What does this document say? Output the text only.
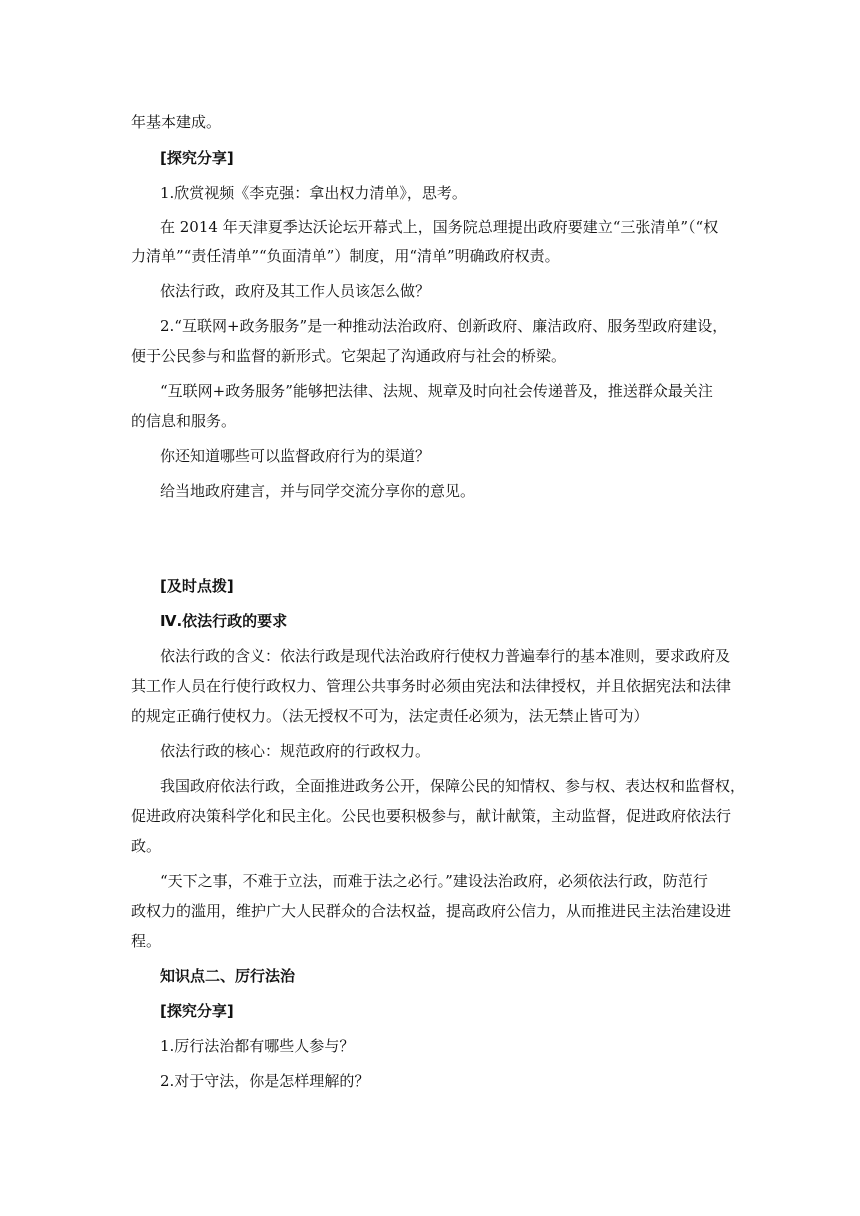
年基本建成。
[探究分享]
1.欣赏视频《李克强：拿出权力清单》，思考。
在 2014 年天津夏季达沃论坛开幕式上，国务院总理提出政府要建立“三张清单”（“权
力清单”“责任清单”“负面清单”）制度，用“清单”明确政府权责。
依法行政，政府及其工作人员该怎么做？
2.“互联网+政务服务”是一种推动法治政府、创新政府、廉洁政府、服务型政府建设，
便于公民参与和监督的新形式。它架起了沟通政府与社会的桥梁。
“互联网+政务服务”能够把法律、法规、规章及时向社会传递普及，推送群众最关注
的信息和服务。
你还知道哪些可以监督政府行为的渠道？
给当地政府建言，并与同学交流分享你的意见。
[及时点拨]
Ⅳ.依法行政的要求
依法行政的含义：依法行政是现代法治政府行使权力普遍奉行的基本准则，要求政府及
其工作人员在行使行政权力、管理公共事务时必须由宪法和法律授权，并且依据宪法和法律
的规定正确行使权力。（法无授权不可为，法定责任必须为，法无禁止皆可为）
依法行政的核心：规范政府的行政权力。
我国政府依法行政，全面推进政务公开，保障公民的知情权、参与权、表达权和监督权，
促进政府决策科学化和民主化。公民也要积极参与，献计献策，主动监督，促进政府依法行
政。
“天下之事，不难于立法，而难于法之必行。”建设法治政府，必须依法行政，防范行
政权力的滥用，维护广大人民群众的合法权益，提高政府公信力，从而推进民主法治建设进
程。
知识点二、厉行法治
[探究分享]
1.厉行法治都有哪些人参与？
2.对于守法，你是怎样理解的？
